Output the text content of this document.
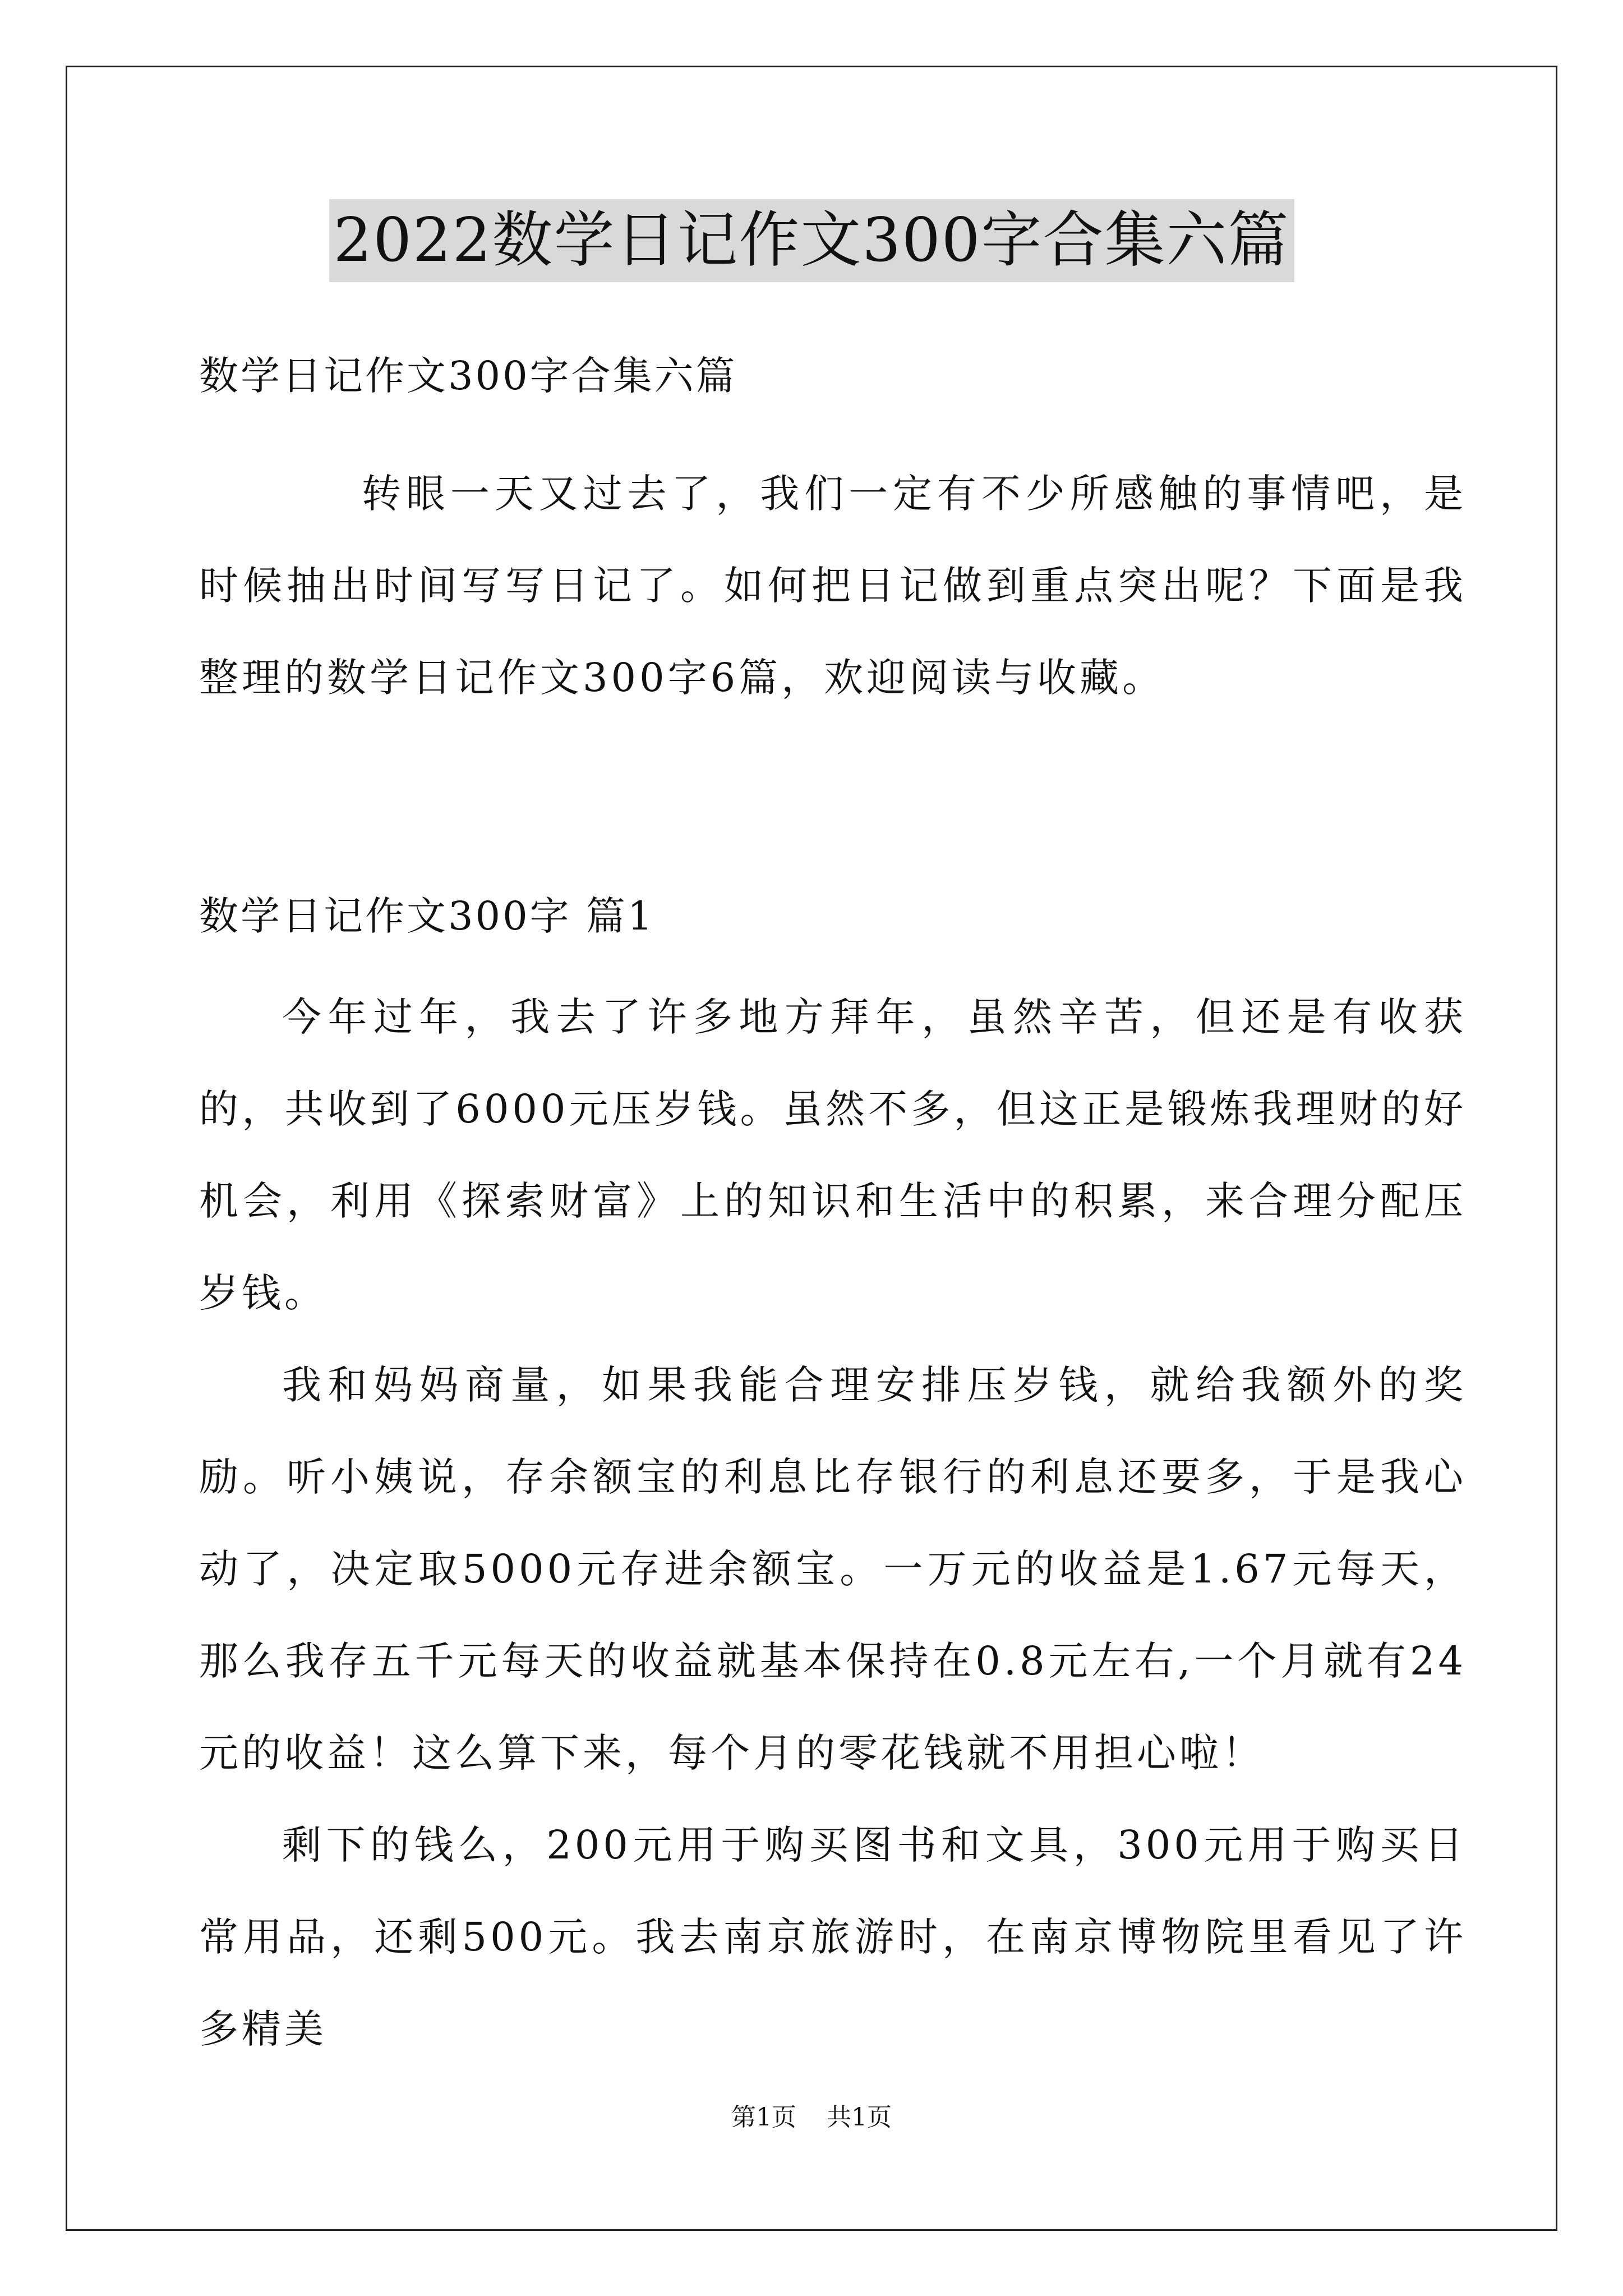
2022数学日记作文300字合集六篇

数学日记作文300字合集六篇

转眼一天又过去了，我们一定有不少所感触的事情吧，是时候抽出时间写写日记了。如何把日记做到重点突出呢？下面是我整理的数学日记作文300字6篇，欢迎阅读与收藏。

数学日记作文300字 篇1

今年过年，我去了许多地方拜年，虽然辛苦，但还是有收获的，共收到了6000元压岁钱。虽然不多，但这正是锻炼我理财的好机会，利用《探索财富》上的知识和生活中的积累，来合理分配压岁钱。

我和妈妈商量，如果我能合理安排压岁钱，就给我额外的奖励。听小姨说，存余额宝的利息比存银行的利息还要多，于是我心动了，决定取5000元存进余额宝。一万元的收益是1.67元每天，那么我存五千元每天的收益就基本保持在0.8元左右,一个月就有24元的收益！这么算下来，每个月的零花钱就不用担心啦！

剩下的钱么，200元用于购买图书和文具，300元用于购买日常用品，还剩500元。我去南京旅游时，在南京博物院里看见了许多精美

第1页 共1页
